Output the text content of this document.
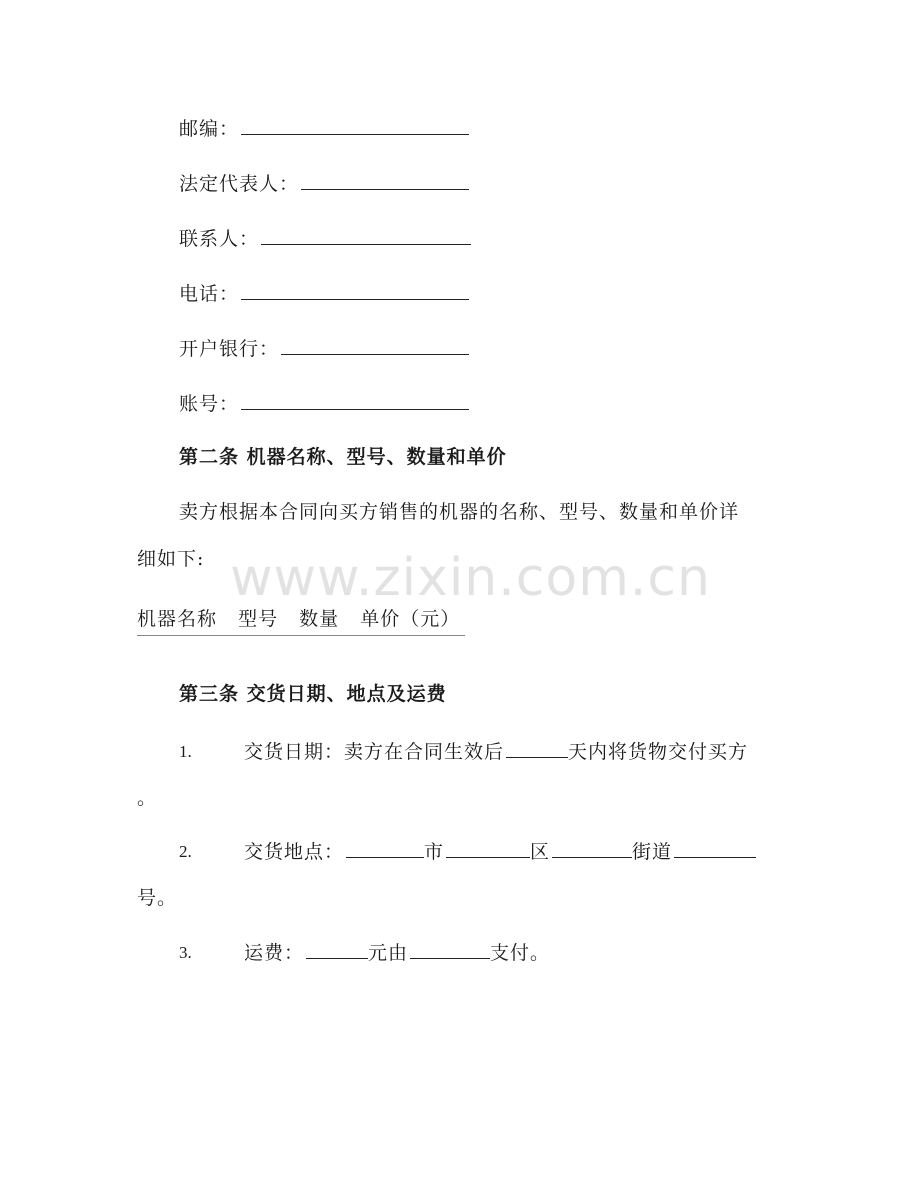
邮编：
法定代表人：
联系人：
电话：
开户银行：
账号：
第二条 机器名称、型号、数量和单价
卖方根据本合同向买方销售的机器的名称、型号、数量和单价详
细如下:
机器名称 型号 数量 单价（元）
第三条 交货日期、地点及运费
1.	交货日期：卖方在合同生效后	天内将货物交付买方
。
2.	交货地点：	市	区	街道
号。
3.	运费：	元由	支付。
www.zixin.com.cn
